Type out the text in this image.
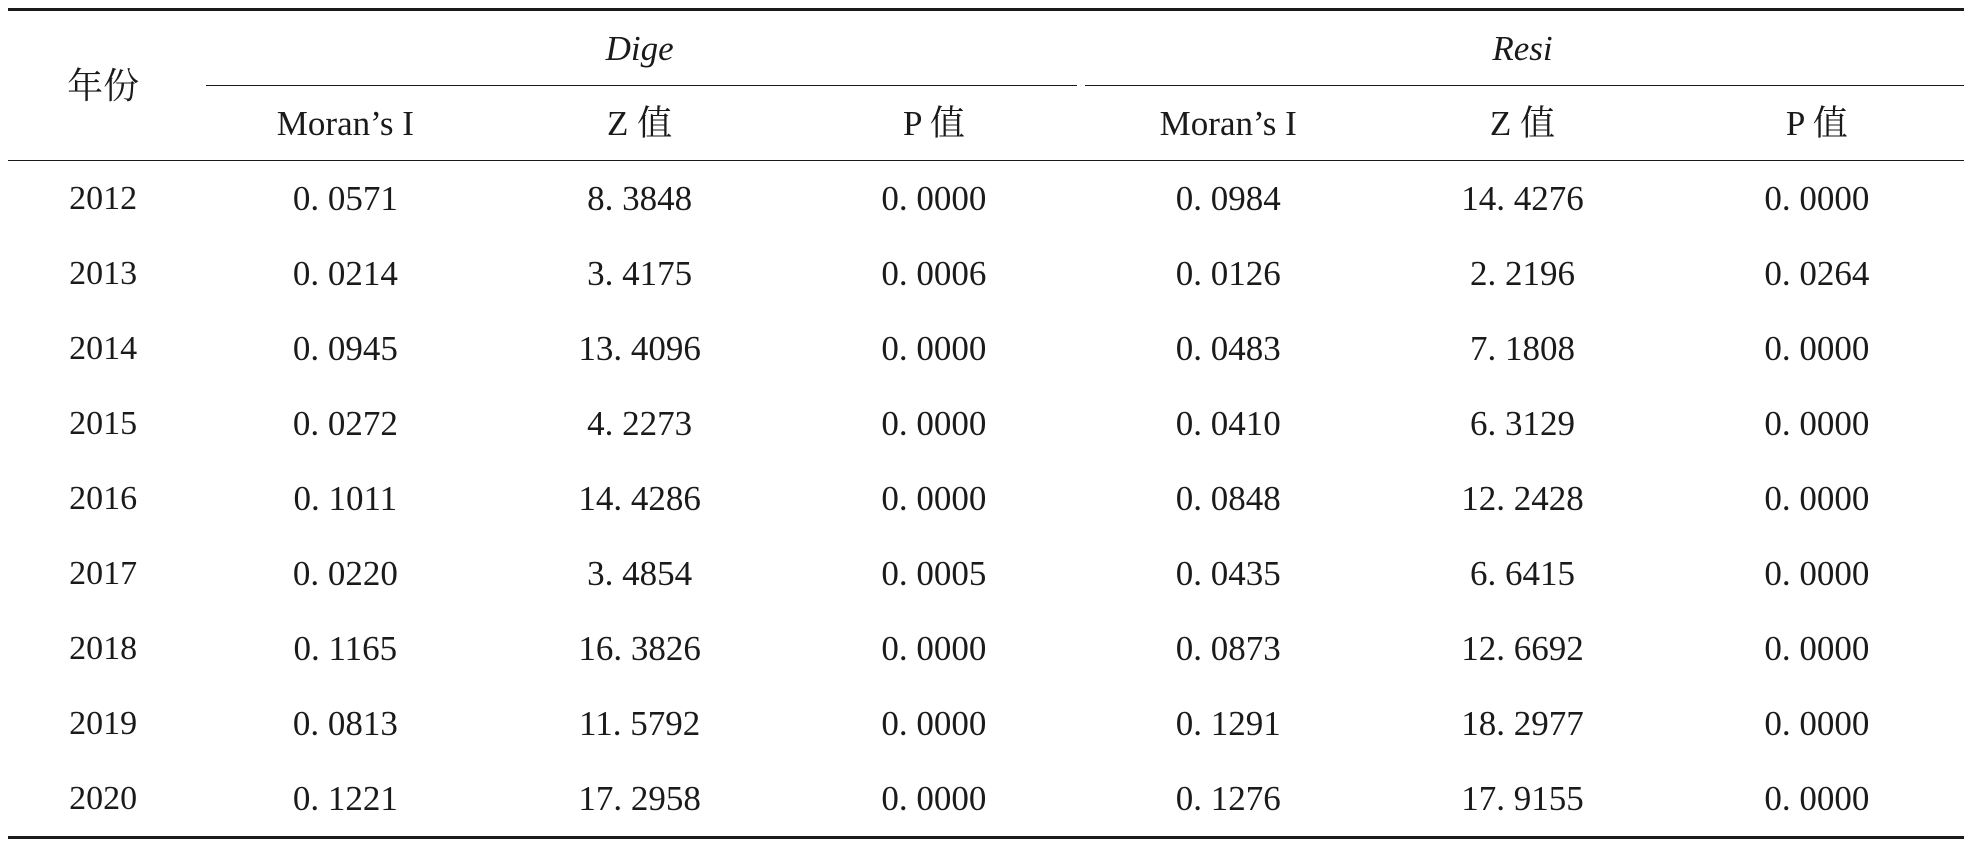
年份	Dige			Resi		

	Moran’s I	Z 值	P 值	Moran’s I	Z 值	P 值
2012	0. 0571	8. 3848	0. 0000	0. 0984	14. 4276	0. 0000
2013	0. 0214	3. 4175	0. 0006	0. 0126	2. 2196	0. 0264
2014	0. 0945	13. 4096	0. 0000	0. 0483	7. 1808	0. 0000
2015	0. 0272	4. 2273	0. 0000	0. 0410	6. 3129	0. 0000
2016	0. 1011	14. 4286	0. 0000	0. 0848	12. 2428	0. 0000
2017	0. 0220	3. 4854	0. 0005	0. 0435	6. 6415	0. 0000
2018	0. 1165	16. 3826	0. 0000	0. 0873	12. 6692	0. 0000
2019	0. 0813	11. 5792	0. 0000	0. 1291	18. 2977	0. 0000
2020	0. 1221	17. 2958	0. 0000	0. 1276	17. 9155	0. 0000
